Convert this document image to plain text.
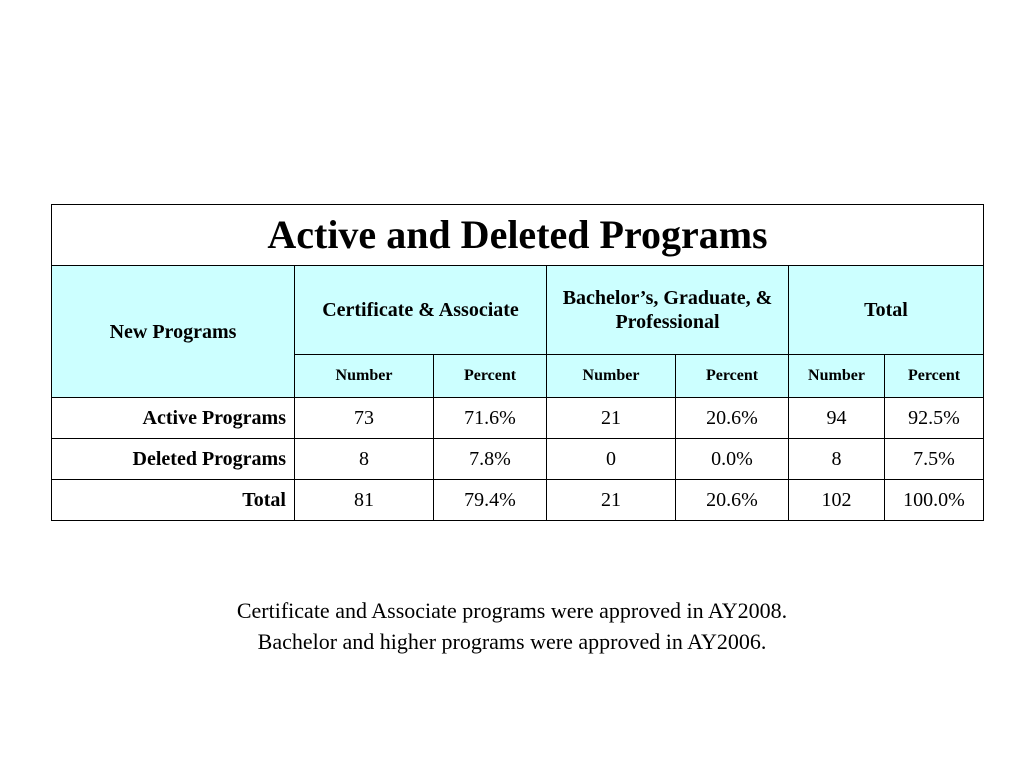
Active and Deleted Programs						
New Programs	Certificate & Associate		Bachelor’s, Graduate, & Professional		Total	
	Number	Percent	Number	Percent	Number	Percent
Active Programs	73	71.6%	21	20.6%	94	92.5%
Deleted Programs	8	7.8%	0	0.0%	8	7.5%
Total	81	79.4%	21	20.6%	102	100.0%
Certificate and Associate programs were approved in AY2008.
Bachelor and higher programs were approved in AY2006.
